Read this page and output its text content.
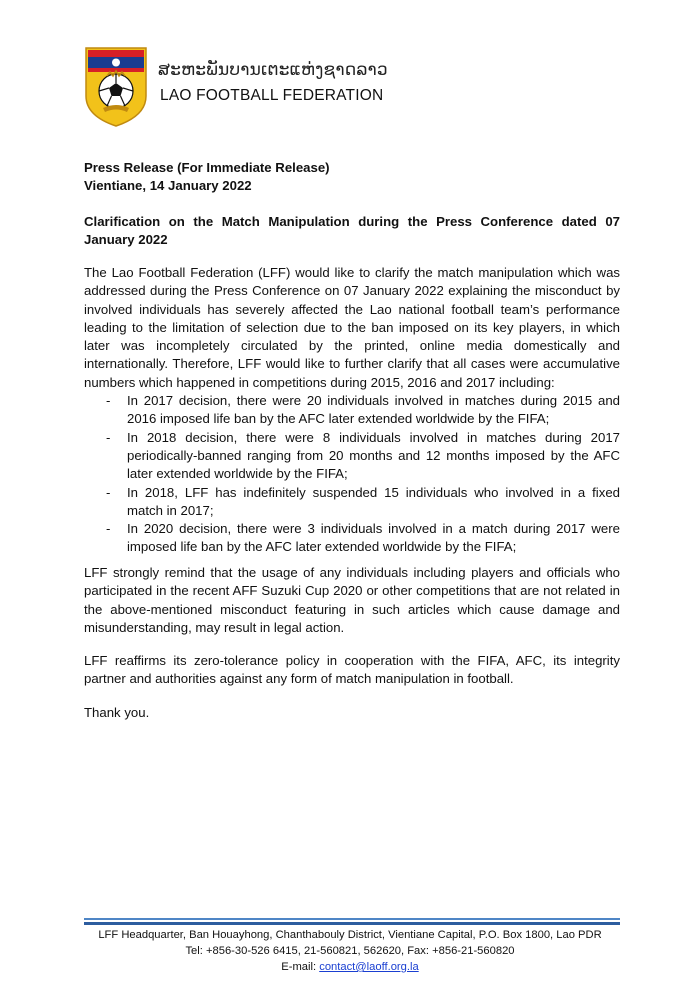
ສະຫະພັນບານເຕະແຫ່ງຊາດລາວ
LAO FOOTBALL FEDERATION

Press Release (For Immediate Release)

Vientiane, 14 January 2022

Clarification on the Match Manipulation during the Press Conference dated 07 January 2022

The Lao Football Federation (LFF) would like to clarify the match manipulation which was addressed during the Press Conference on 07 January 2022 explaining the misconduct by involved individuals has severely affected the Lao national football team’s performance leading to the limitation of selection due to the ban imposed on its key players, in which later was incompletely circulated by the printed, online media domestically and internationally. Therefore, LFF would like to further clarify that all cases were accumulative numbers which happened in competitions during 2015, 2016 and 2017 including:

- In 2017 decision, there were 20 individuals involved in matches during 2015 and 2016 imposed life ban by the AFC later extended worldwide by the FIFA;
- In 2018 decision, there were 8 individuals involved in matches during 2017 periodically-banned ranging from 20 months and 12 months imposed by the AFC later extended worldwide by the FIFA;
- In 2018, LFF has indefinitely suspended 15 individuals who involved in a fixed match in 2017;
- In 2020 decision, there were 3 individuals involved in a match during 2017 were imposed life ban by the AFC later extended worldwide by the FIFA;

LFF strongly remind that the usage of any individuals including players and officials who participated in the recent AFF Suzuki Cup 2020 or other competitions that are not related in the above-mentioned misconduct featuring in such articles which cause damage and misunderstanding, may result in legal action.

LFF reaffirms its zero-tolerance policy in cooperation with the FIFA, AFC, its integrity partner and authorities against any form of match manipulation in football.

Thank you.

LFF Headquarter, Ban Houayhong, Chanthabouly District, Vientiane Capital, P.O. Box 1800, Lao PDR
Tel: +856-30-526 6415, 21-560821, 562620, Fax: +856-21-560820
E-mail: contact@laoff.org.la
